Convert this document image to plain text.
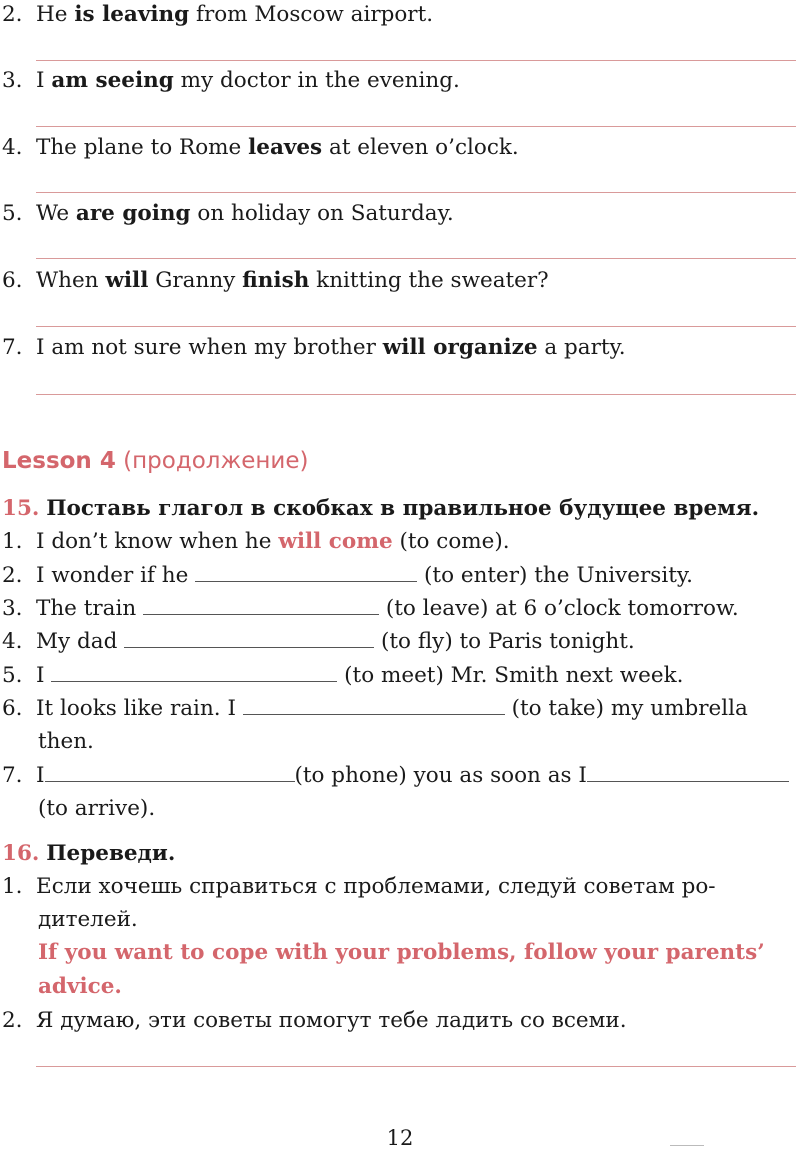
2. He is leaving from Moscow airport.
3. I am seeing my doctor in the evening.
4. The plane to Rome leaves at eleven o’clock.
5. We are going on holiday on Saturday.
6. When will Granny finish knitting the sweater?
7. I am not sure when my brother will organize a party.
Lesson 4 (продолжение)
15. Поставь глагол в скобках в правильное будущее время.
1. I don’t know when he will come (to come).
2. I wonder if he	(to enter) the University.
3. The train	(to leave) at 6 o’clock tomorrow.
4. My dad	(to fly) to Paris tonight.
5. I	(to meet) Mr. Smith next week.
6. It looks like rain. I	(to take) my umbrella
then.
7. I	(to phone) you as soon as I
(to arrive).
16. Переведи.
1. Если хочешь справиться с проблемами, следуй советам ро-
дителей.
If you want to cope with your problems, follow your parents’
advice.
2. Я думаю, эти советы помогут тебе ладить со всеми.
12
